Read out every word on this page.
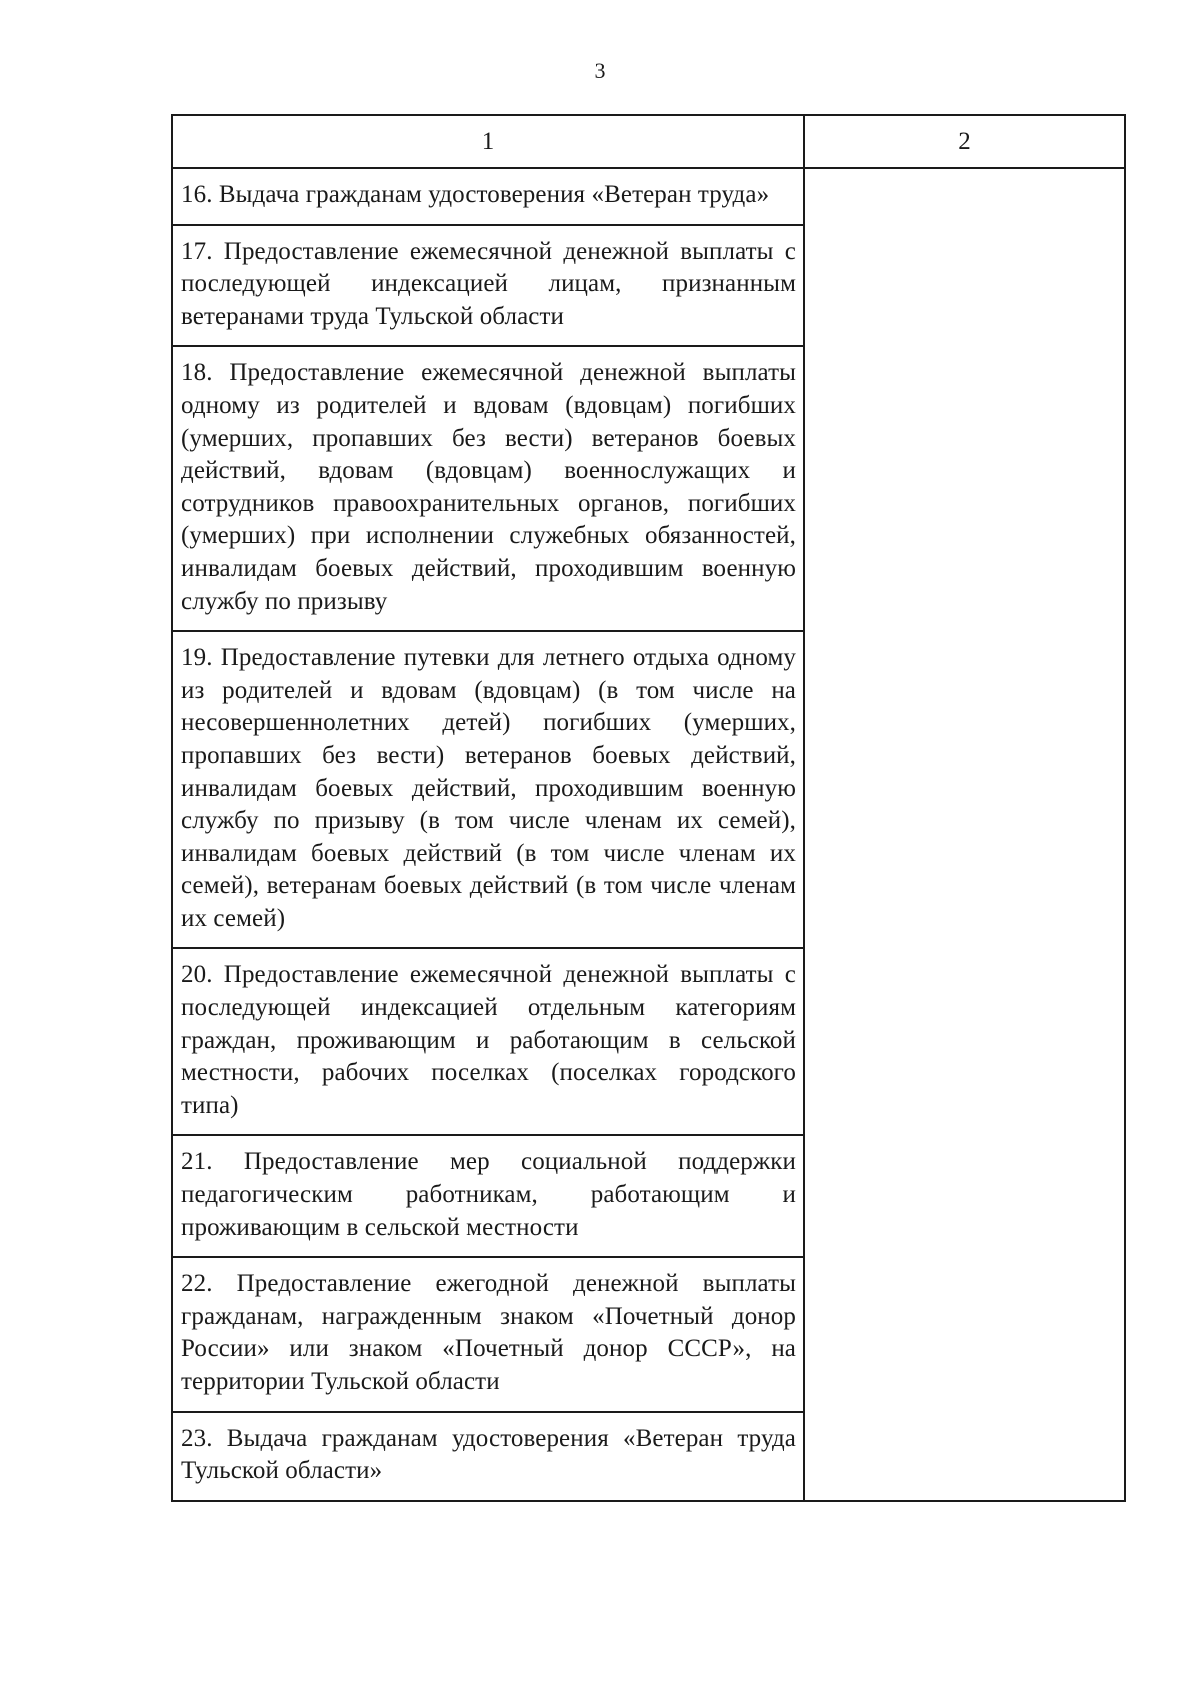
3
1	2
16. Выдача гражданам удостоверения «Ветеран труда»	
17. Предоставление ежемесячной денежной выплаты с последующей индексацией лицам, признанным ветеранами труда Тульской области	
18. Предоставление ежемесячной денежной выплаты одному из родителей и вдовам (вдовцам) погибших (умерших, пропавших без вести) ветеранов боевых действий, вдовам (вдовцам) военнослужащих и сотрудников правоохранительных органов, погибших (умерших) при исполнении служебных обязанностей, инвалидам боевых действий, проходившим военную службу по призыву	
19. Предоставление путевки для летнего отдыха одному из родителей и вдовам (вдовцам) (в том числе на несовершеннолетних детей) погибших (умерших, пропавших без вести) ветеранов боевых действий, инвалидам боевых действий, проходившим военную службу по призыву (в том числе членам их семей), инвалидам боевых действий (в том числе членам их семей), ветеранам боевых действий (в том числе членам их семей)	
20. Предоставление ежемесячной денежной выплаты с последующей индексацией отдельным категориям граждан, проживающим и работающим в сельской местности, рабочих поселках (поселках городского типа)	
21. Предоставление мер социальной поддержки педагогическим работникам, работающим и проживающим в сельской местности	
22. Предоставление ежегодной денежной выплаты гражданам, награжденным знаком «Почетный донор России» или знаком «Почетный донор СССР», на территории Тульской области	
23. Выдача гражданам удостоверения «Ветеран труда Тульской области»	
